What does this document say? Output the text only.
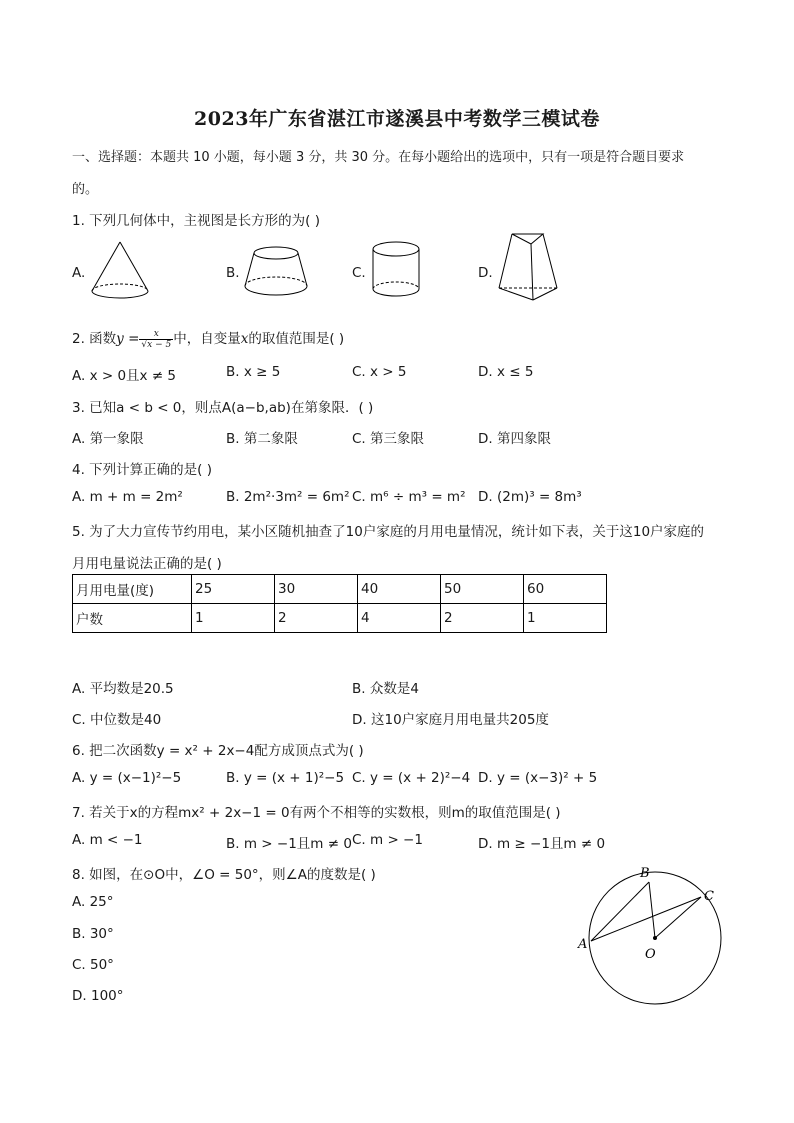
2023年广东省湛江市遂溪县中考数学三模试卷
一、选择题：本题共 10 小题，每小题 3 分，共 30 分。在每小题给出的选项中，只有一项是符合题目要求
的。
1. 下列几何体中，主视图是长方形的为( )
A.	B.	C.	D.
2. 函数$y = \frac{x}{√x - 5}$ 中，自变量x的取值范围是( )
A. x > 0且x ≠ 5	B. x ≥ 5	C. x > 5	D. x ≤ 5
3. 已知a < b < 0，则点A(a−b,ab)在第象限．( )
A. 第一象限	B. 第二象限	C. 第三象限	D. 第四象限
4. 下列计算正确的是( )
A. m + m = 2m²	B. 2m²·3m² = 6m² C. m⁶ ÷ m³ = m² D. (2m)³ = 8m³
5. 为了大力宣传节约用电，某小区随机抽查了10户家庭的月用电量情况，统计如下表，关于这10户家庭的
月用电量说法正确的是( )
月用电量(度)	25	30	40	50	60
户数	1	2	4	2	1
A. 平均数是20.5	B. 众数是4
C. 中位数是40	D. 这10户家庭月用电量共205度
6. 把二次函数y = x² + 2x−4配方成顶点式为( )
A. y = (x−1)²−5	B. y = (x + 1)²−5 C. y = (x + 2)²−4 D. y = (x−3)² + 5
7. 若关于x的方程mx² + 2x−1 = 0有两个不相等的实数根，则m的取值范围是( )
A. m < −1	B. m > −1且m ≠ 0 C. m > −1	D. m ≥ −1且m ≠ 0
8. 如图，在⊙O中，∠O = 50°，则∠A的度数是( )
A. 25°
B. 30°
C. 50°
D. 100°
A
B
C
O
